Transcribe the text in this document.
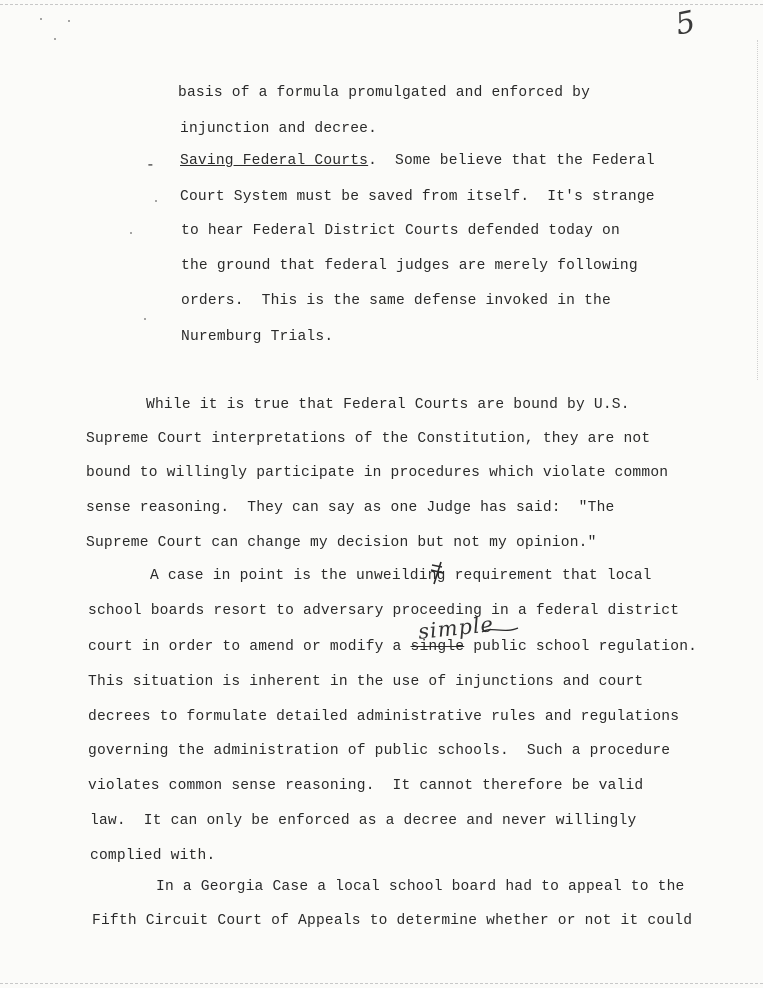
5
basis of a formula promulgated and enforced by
injunction and decree.
- Saving Federal Courts.  Some believe that the Federal
Court System must be saved from itself.  It's strange
to hear Federal District Courts defended today on
the ground that federal judges are merely following
orders.  This is the same defense invoked in the
Nuremburg Trials.
While it is true that Federal Courts are bound by U.S.
Supreme Court interpretations of the Constitution, they are not
bound to willingly participate in procedures which violate common
sense reasoning.  They can say as one Judge has said:  "The
Supreme Court can change my decision but not my opinion."
A case in point is the unweilding requirement that local
school boards resort to adversary proceeding in a federal district
simple
court in order to amend or modify a single public school regulation.
This situation is inherent in the use of injunctions and court
decrees to formulate detailed administrative rules and regulations
governing the administration of public schools.  Such a procedure
violates common sense reasoning.  It cannot therefore be valid
law.  It can only be enforced as a decree and never willingly
complied with.
In a Georgia Case a local school board had to appeal to the
Fifth Circuit Court of Appeals to determine whether or not it could
